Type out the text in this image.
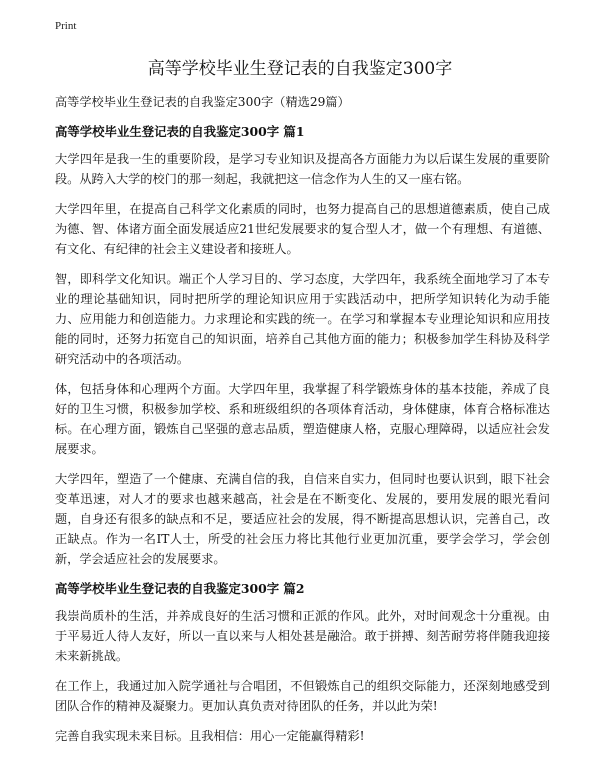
Print
高等学校毕业生登记表的自我鉴定300字

高等学校毕业生登记表的自我鉴定300字（精选29篇）

高等学校毕业生登记表的自我鉴定300字 篇1

大学四年是我一生的重要阶段，是学习专业知识及提高各方面能力为以后谋生发展的重要阶段。从跨入大学的校门的那一刻起，我就把这一信念作为人生的又一座右铭。

大学四年里，在提高自己科学文化素质的同时，也努力提高自己的思想道德素质，使自己成为德、智、体诸方面全面发展适应21世纪发展要求的复合型人才，做一个有理想、有道德、有文化、有纪律的社会主义建设者和接班人。

智，即科学文化知识。端正个人学习目的、学习态度，大学四年，我系统全面地学习了本专业的理论基础知识，同时把所学的理论知识应用于实践活动中，把所学知识转化为动手能力、应用能力和创造能力。力求理论和实践的统一。在学习和掌握本专业理论知识和应用技能的同时，还努力拓宽自己的知识面，培养自己其他方面的能力；积极参加学生科协及科学研究活动中的各项活动。

体，包括身体和心理两个方面。大学四年里，我掌握了科学锻炼身体的基本技能，养成了良好的卫生习惯，积极参加学校、系和班级组织的各项体育活动，身体健康，体育合格标准达标。在心理方面，锻炼自己坚强的意志品质，塑造健康人格，克服心理障碍，以适应社会发展要求。

大学四年，塑造了一个健康、充满自信的我，自信来自实力，但同时也要认识到，眼下社会变革迅速，对人才的要求也越来越高，社会是在不断变化、发展的，要用发展的眼光看问题，自身还有很多的缺点和不足，要适应社会的发展，得不断提高思想认识，完善自己，改正缺点。作为一名IT人士，所受的社会压力将比其他行业更加沉重，要学会学习，学会创新，学会适应社会的发展要求。

高等学校毕业生登记表的自我鉴定300字 篇2

我崇尚质朴的生活，并养成良好的生活习惯和正派的作风。此外，对时间观念十分重视。由于平易近人待人友好，所以一直以来与人相处甚是融洽。敢于拼搏、刻苦耐劳将伴随我迎接未来新挑战。

在工作上，我通过加入院学通社与合唱团，不但锻炼自己的组织交际能力，还深刻地感受到团队合作的精神及凝聚力。更加认真负责对待团队的任务，并以此为荣!

完善自我实现未来目标。且我相信：用心一定能赢得精彩!
